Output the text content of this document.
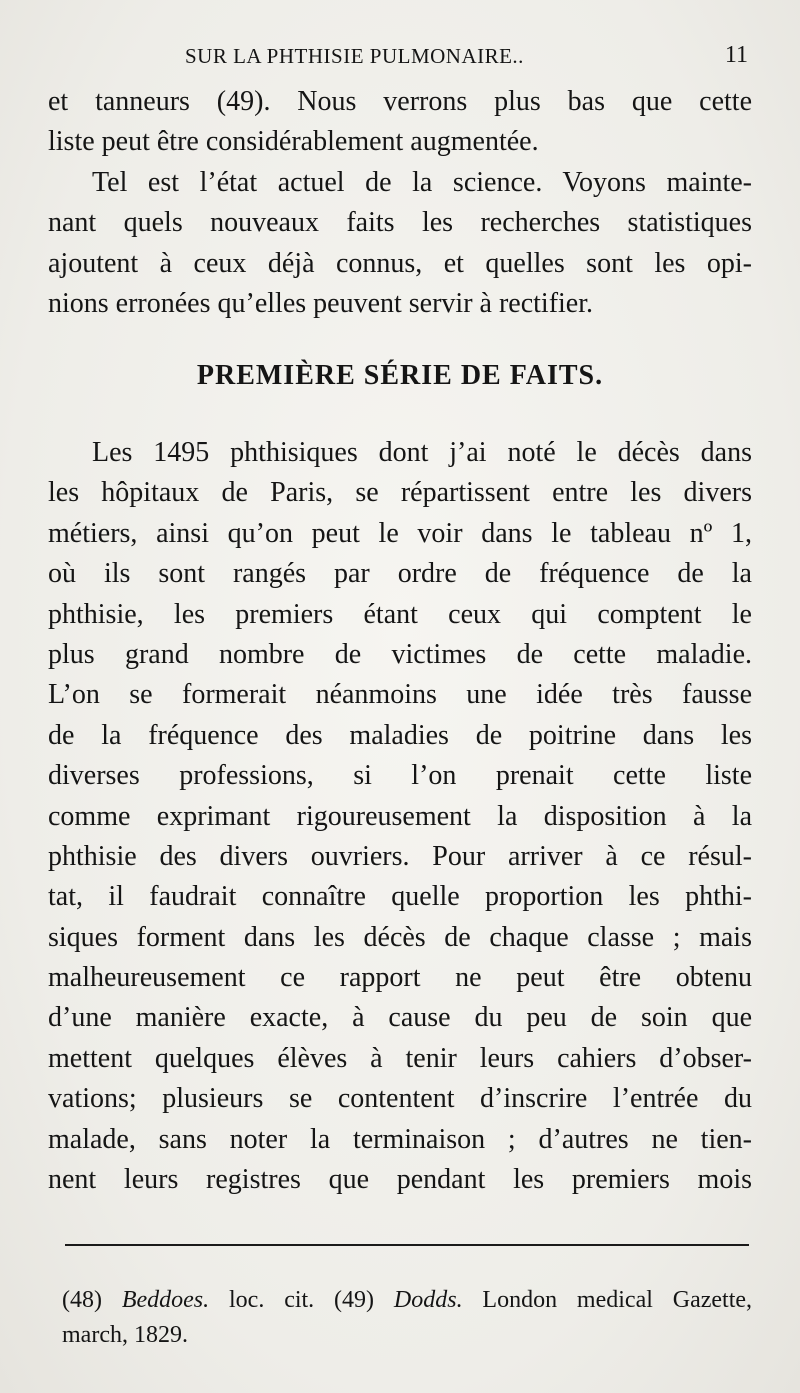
SUR LA PHTHISIE PULMONAIRE..	11
et tanneurs (49). Nous verrons plus bas que cette
liste peut être considérablement augmentée.
Tel est l’état actuel de la science. Voyons mainte-
nant quels nouveaux faits les recherches statistiques
ajoutent à ceux déjà connus, et quelles sont les opi-
nions erronées qu’elles peuvent servir à rectifier.
PREMIÈRE SÉRIE DE FAITS.
Les 1495 phthisiques dont j’ai noté le décès dans
les hôpitaux de Paris, se répartissent entre les divers
métiers, ainsi qu’on peut le voir dans le tableau nº 1,
où ils sont rangés par ordre de fréquence de la
phthisie, les premiers étant ceux qui comptent le
plus grand nombre de victimes de cette maladie.
L’on se formerait néanmoins une idée très fausse
de la fréquence des maladies de poitrine dans les
diverses professions, si l’on prenait cette liste
comme exprimant rigoureusement la disposition à la
phthisie des divers ouvriers. Pour arriver à ce résul-
tat, il faudrait connaître quelle proportion les phthi-
siques forment dans les décès de chaque classe ; mais
malheureusement ce rapport ne peut être obtenu
d’une manière exacte, à cause du peu de soin que
mettent quelques élèves à tenir leurs cahiers d’obser-
vations; plusieurs se contentent d’inscrire l’entrée du
malade, sans noter la terminaison ; d’autres ne tien-
nent leurs registres que pendant les premiers mois
(48) Beddoes. loc. cit. (49) Dodds. London medical Gazette,
march, 1829.
